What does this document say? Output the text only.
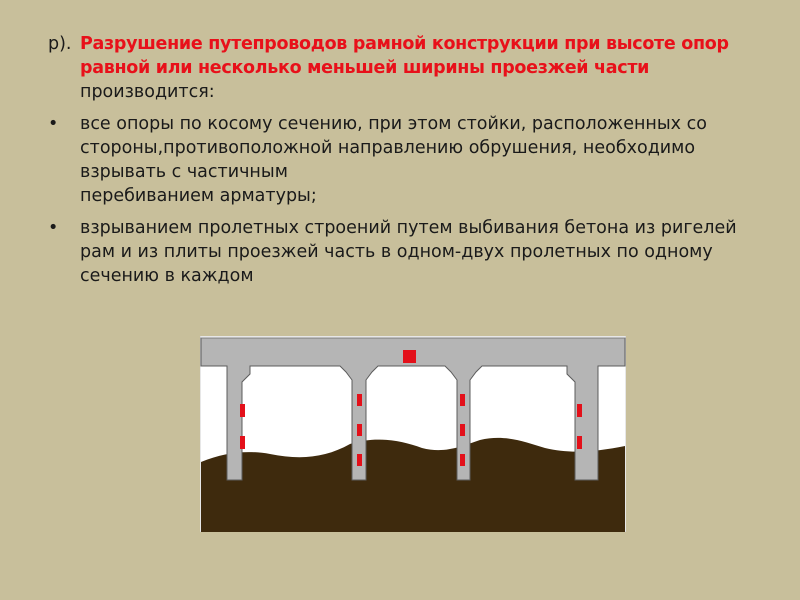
р). Разрушение путепроводов рамной конструкции при высоте опор
равной или несколько меньшей ширины проезжей части
производится:
• все опоры по косому сечению, при этом стойки, расположенных со
стороны,противоположной направлению обрушения, необходимо
взрывать с частичным
перебиванием арматуры;
• взрыванием пролетных строений путем выбивания бетона из ригелей
рам и из плиты проезжей часть в одном-двух пролетных по одному
сечению в каждом
